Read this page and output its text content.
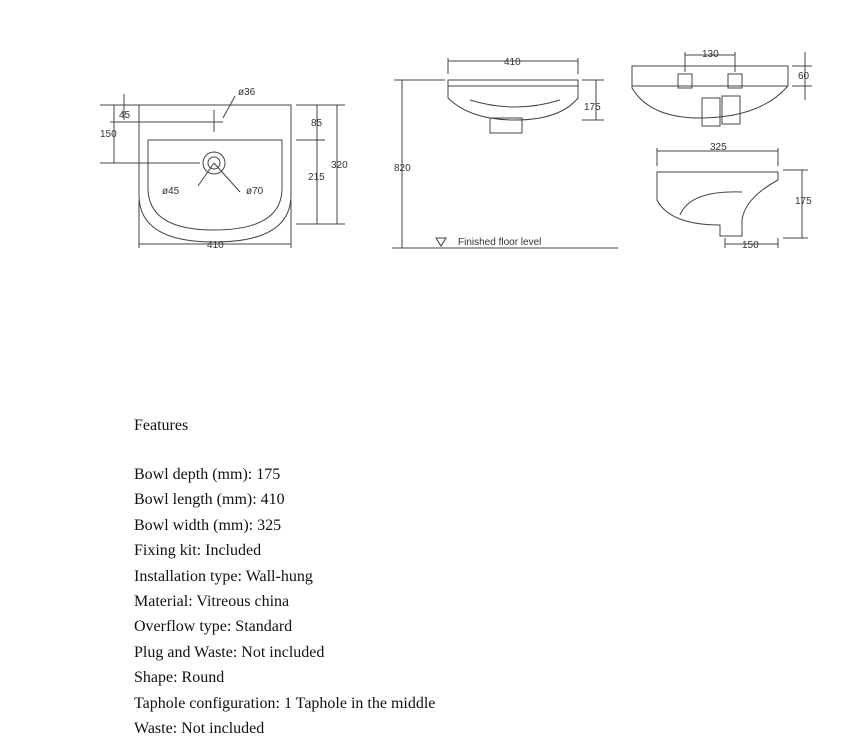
ø36
45
150
85
215
320
ø45	ø70
410
410
175
820
Finished floor level
130
60
325
175
150
Features
Bowl depth (mm): 175
Bowl length (mm): 410
Bowl width (mm): 325
Fixing kit: Included
Installation type: Wall-hung
Material: Vitreous china
Overflow type: Standard
Plug and Waste: Not included
Shape: Round
Taphole configuration: 1 Taphole in the middle
Waste: Not included
